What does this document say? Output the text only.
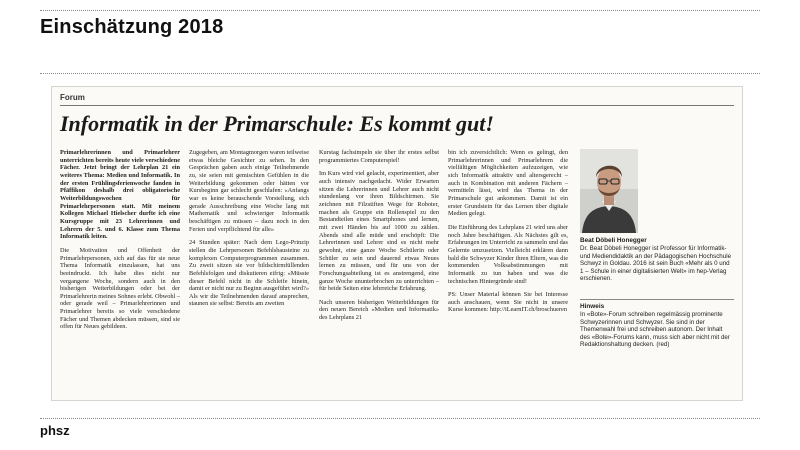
Einschätzung 2018
Forum
Informatik in der Primarschule: Es kommt gut!

Primarlehrerinnen und Primarlehrer unterrichten bereits heute viele verschiedene Fächer. Jetzt bringt der Lehrplan 21 ein weiteres Thema: Medien und Informatik. In der ersten Frühlingsferienwoche fanden in Pfäffikon deshalb drei obligatorische Weiterbildungswochen für Primarlehrpersonen statt. Mit meinem Kollegen Michael Hielscher durfte ich eine Kursgruppe mit 23 Lehrerinnen und Lehrern der 5. und 6. Klasse zum Thema Informatik leiten.

Die Motivation und Offenheit der Primarlehrpersonen, sich auf das für sie neue Thema Informatik einzulassen, hat uns beeindruckt. Ich habe dies nicht nur vergangene Woche, sondern auch in den bisherigen Weiterbildungen oder bei der Primarlehrerin meines Sohnes erlebt. Obwohl – oder gerade weil – Primarlehrerinnen und Primarlehrer bereits so viele verschiedene Fächer und Themen abdecken müssen, sind sie offen für Neues gebildeen.

Zugegeben, am Montagmorgen waren teilweise etwas bleiche Gesichter zu sehen. In den Gesprächen gaben auch einige Teilnehmende zu, sie seien mit gemischten Gefühlen in die Weiterbildung gekommen oder hätten vor Kursbeginn gar schlecht geschlafen: «Anfangs war es keine berauschende Vorstellung, sich gerade Ausschreibung eine Woche lang mit Mathematik und schwieriger Informatik beschäftigen zu müssen – dazu noch in den Ferien und verpflichtend für alle»

24 Stunden später: Nach dem Lego-Prinzip stellen die Lehrpersonen Befehlsbausteine zu komplexen Computerprogrammen zusammen. Zu zweit sitzen sie vor bildschirmfüllenden Befehlsfolgen und diskutieren eifrig: «Müsste dieser Befehl nicht in die Schleife hinein, damit er nicht nur zu Beginn ausgeführt wird?» Als wir die Teilnehmenden darauf ansprechen, staunen sie selbst: Bereits am zweiten

Kurstag fachsimpeln sie über ihr erstes selbst programmiertes Computerspiel!

Im Kurs wird viel gelacht, experimentiert, aber auch intensiv nachgedacht. Wider Erwarten sitzen die Lehrerinnen und Lehrer auch nicht stundenlang vor ihren Bildschirmen. Sie zeichnen mit Filzstiften Wege für Roboter, machen als Gruppe ein Rollenspiel zu den Bestandteilen eines Smartphones und lernen, mit zwei Händen bis auf 1000 zu zählen. Abends sind alle müde und erschöpft: Die Lehrerinnen und Lehrer sind es nicht mehr gewohnt, eine ganze Woche Schülerin oder Schüler zu sein und dauernd etwas Neues lernen zu müssen, und für uns von der Forschungsabteilung ist es anstrengend, eine ganze Woche ununterbrochen zu unterrichten – für beide Seiten eine lehrreiche Erfahrung.

Nach unseren bisherigen Weiterbildungen für den neuen Bereich «Medien und Informatik» des Lehrplans 21

bin ich zuversichtlich: Wenn es gelingt, den Primarlehrerinnen und Primarlehrern die vielfältigen Möglichkeiten aufzuzeigen, wie sich Informatik attraktiv und altersgerecht – auch in Kombination mit anderen Fächern – vermitteln lässt, wird das Thema in der Primarschule gut ankommen. Damit ist ein erster Grundstein für das Lernen über digitale Medien gelegt.

Die Einführung des Lehrplans 21 wird uns aber noch Jahre beschäftigen. Als Nächstes gilt es, Erfahrungen im Unterricht zu sammeln und das Gelernte umzusetzen. Vielleicht erklären dann bald die Schwyzer Kinder ihren Eltern, was die kommenden Volksabstimmungen mit Informatik zu tun haben und was die technischen Hintergründe sind!

PS: Unser Material können Sie bei Interesse auch anschauen, wenn Sie nicht in unsere Kurse kommen: http://iLearnIT.ch/broschueren

Beat Döbeli Honegger
Dr. Beat Döbeli Honegger ist Professor für Informatik- und Mediendidaktik an der Pädagogischen Hochschule Schwyz in Goldau. 2016 ist sein Buch «Mehr als 0 und 1 – Schule in einer digitalisierten Welt» im hep-Verlag erschienen.
Hinweis
In «Bote»-Forum schreiben regelmässig prominente Schwyzerinnen und Schwyzer. Sie sind in der Themenwahl frei und schreiben autonom. Der Inhalt des «Bote»-Forums kann, muss sich aber nicht mit der Redaktionshaltung decken. (red)
phsz
